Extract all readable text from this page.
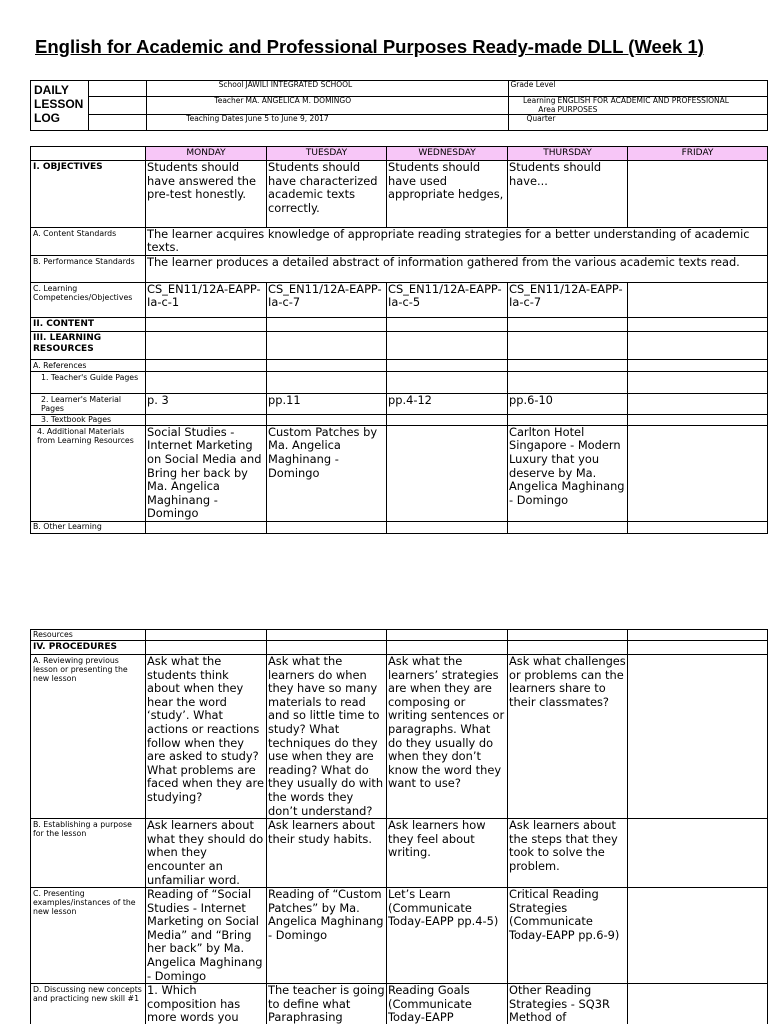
English for Academic and Professional Purposes Ready-made DLL (Week 1)
DAILY LESSON LOG		School	JAWILI INTEGRATED SCHOOL	Grade Level	
		Teacher	MA. ANGELICA M. DOMINGO	Learning Area	ENGLISH FOR ACADEMIC AND PROFESSIONAL PURPOSES
		Teaching Dates	June 5 to June 9, 2017	Quarter	
	MONDAY	TUESDAY	WEDNESDAY	THURSDAY	FRIDAY
I. OBJECTIVES	Students should have answered the pre-test honestly.	Students should have characterized academic texts correctly.	Students should have used appropriate hedges,	Students should have...	
A. Content Standards	The learner acquires knowledge of appropriate reading strategies for a better understanding of academic texts.				
B. Performance Standards	The learner produces a detailed abstract of information gathered from the various academic texts read.				
C. Learning Competencies/Objectives	CS_EN11/12A-EAPP-Ia-c-1	CS_EN11/12A-EAPP-Ia-c-7	CS_EN11/12A-EAPP-Ia-c-5	CS_EN11/12A-EAPP-Ia-c-7	
II. CONTENT					
III. LEARNING RESOURCES					
A. References					
1. Teacher's Guide Pages					
2. Learner's Material Pages	p. 3	pp.11	pp.4-12	pp.6-10	
3. Textbook Pages					
4. Additional Materials from Learning Resources	Social Studies - Internet Marketing on Social Media and Bring her back by Ma. Angelica Maghinang - Domingo	Custom Patches by Ma. Angelica Maghinang - Domingo		Carlton Hotel Singapore - Modern Luxury that you deserve by Ma. Angelica Maghinang - Domingo	
B. Other Learning					
Resources					
IV. PROCEDURES					
A. Reviewing previous lesson or presenting the new lesson	Ask what the students think about when they hear the word ‘study’. What actions or reactions follow when they are asked to study? What problems are faced when they are studying?	Ask what the learners do when they have so many materials to read and so little time to study? What techniques do they use when they are reading? What do they usually do with the words they don’t understand?	Ask what the learners’ strategies are when they are composing or writing sentences or paragraphs. What do they usually do when they don’t know the word they want to use?	Ask what challenges or problems can the learners share to their classmates?	
B. Establishing a purpose for the lesson	Ask learners about what they should do when they encounter an unfamiliar word.	Ask learners about their study habits.	Ask learners how they feel about writing.	Ask learners about the steps that they took to solve the problem.	
C. Presenting examples/instances of the new lesson	Reading of “Social Studies - Internet Marketing on Social Media” and “Bring her back” by Ma. Angelica Maghinang - Domingo	Reading of “Custom Patches” by Ma. Angelica Maghinang - Domingo	Let’s Learn (Communicate Today-EAPP pp.4-5)	Critical Reading Strategies (Communicate Today-EAPP pp.6-9)	
D. Discussing new concepts and practicing new skill #1	1. Which composition has more words you	The teacher is going to define what Paraphrasing	Reading Goals (Communicate Today-EAPP	Other Reading Strategies - SQ3R Method of	
